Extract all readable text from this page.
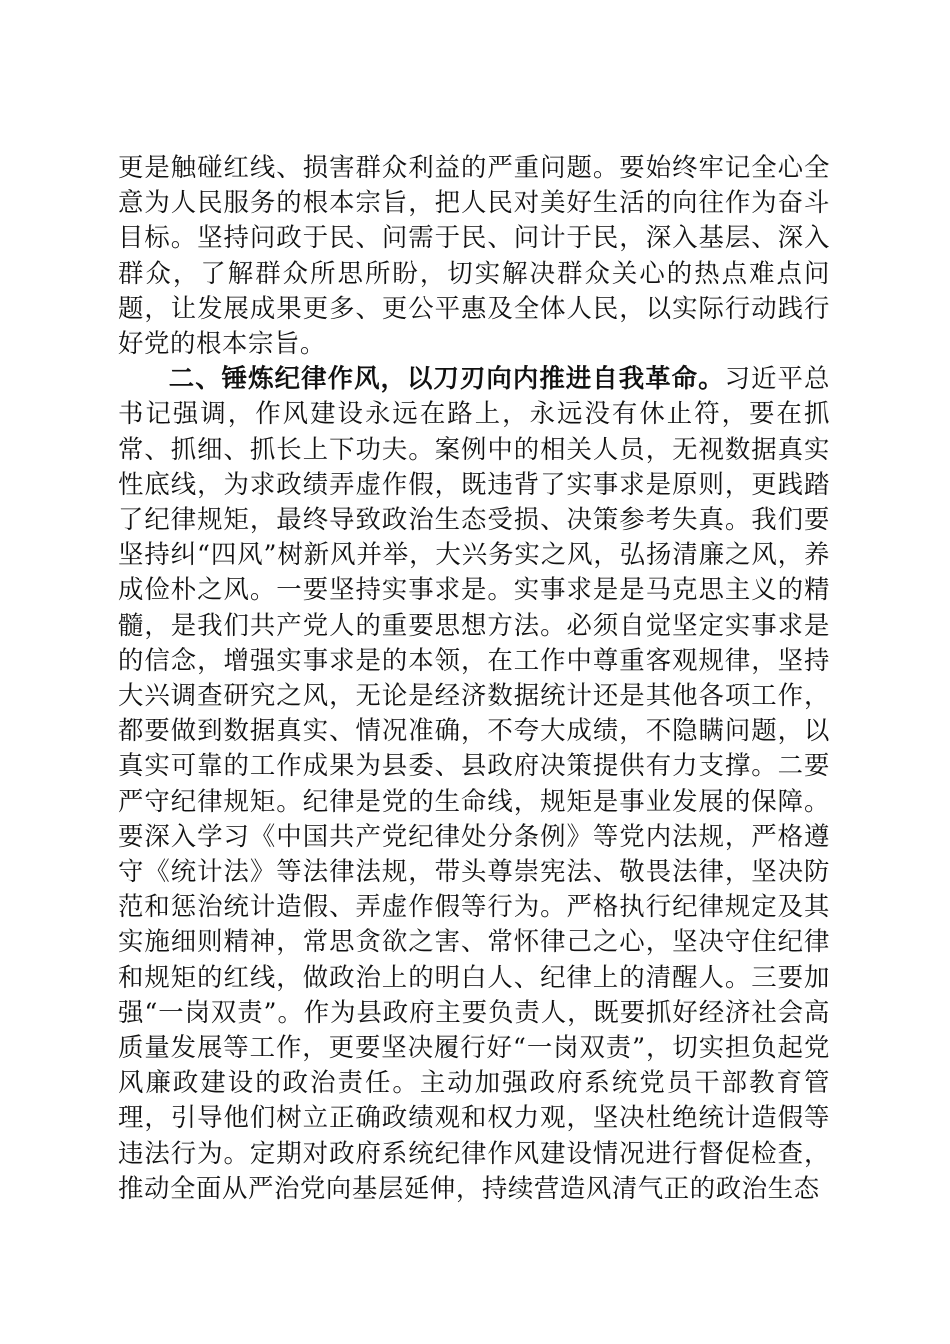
更是触碰红线、损害群众利益的严重问题。要始终牢记全心全意为人民服务的根本宗旨，把人民对美好生活的向往作为奋斗目标。坚持问政于民、问需于民、问计于民，深入基层、深入群众，了解群众所思所盼，切实解决群众关心的热点难点问题，让发展成果更多、更公平惠及全体人民，以实际行动践行好党的根本宗旨。

二、锤炼纪律作风，以刀刃向内推进自我革命。习近平总书记强调，作风建设永远在路上，永远没有休止符，要在抓常、抓细、抓长上下功夫。案例中的相关人员，无视数据真实性底线，为求政绩弄虚作假，既违背了实事求是原则，更践踏了纪律规矩，最终导致政治生态受损、决策参考失真。我们要坚持纠“四风”树新风并举，大兴务实之风，弘扬清廉之风，养成俭朴之风。一要坚持实事求是。实事求是是马克思主义的精髓，是我们共产党人的重要思想方法。必须自觉坚定实事求是的信念，增强实事求是的本领，在工作中尊重客观规律，坚持大兴调查研究之风，无论是经济数据统计还是其他各项工作，都要做到数据真实、情况准确，不夸大成绩，不隐瞒问题，以真实可靠的工作成果为县委、县政府决策提供有力支撑。二要严守纪律规矩。纪律是党的生命线，规矩是事业发展的保障。要深入学习《中国共产党纪律处分条例》等党内法规，严格遵守《统计法》等法律法规，带头尊崇宪法、敬畏法律，坚决防范和惩治统计造假、弄虚作假等行为。严格执行纪律规定及其实施细则精神，常思贪欲之害、常怀律己之心，坚决守住纪律和规矩的红线，做政治上的明白人、纪律上的清醒人。三要加强“一岗双责”。作为县政府主要负责人，既要抓好经济社会高质量发展等工作，更要坚决履行好“一岗双责”，切实担负起党风廉政建设的政治责任。主动加强政府系统党员干部教育管理，引导他们树立正确政绩观和权力观，坚决杜绝统计造假等违法行为。定期对政府系统纪律作风建设情况进行督促检查，推动全面从严治党向基层延伸，持续营造风清气正的政治生态
